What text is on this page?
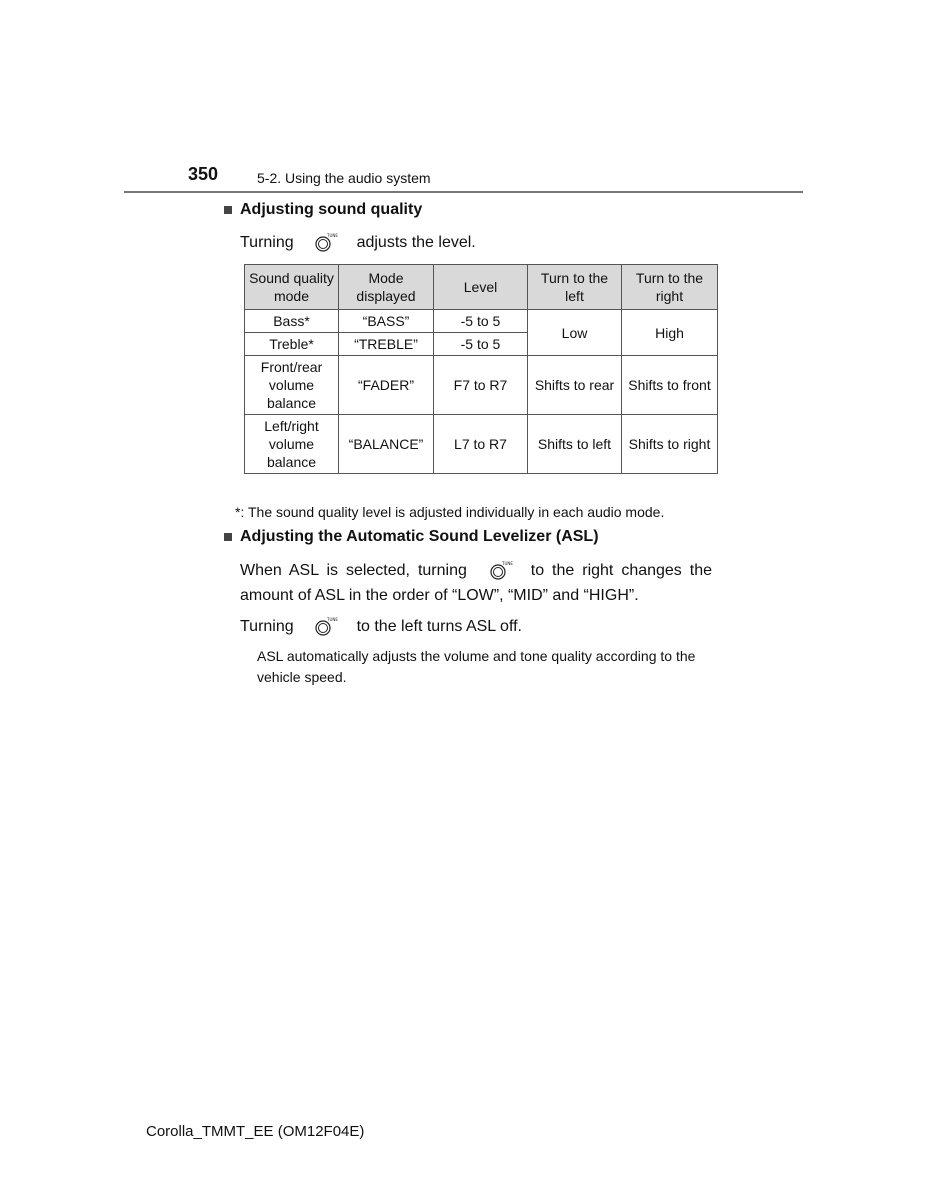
350	5-2. Using the audio system
Adjusting sound quality
Turning	TUNE adjusts the level.
Sound quality mode	Mode displayed	Level	Turn to the left	Turn to the right
Bass*	“BASS”	-5 to 5	Low	High
Treble*	“TREBLE”	-5 to 5		
Front/rear volume balance	“FADER”	F7 to R7	Shifts to rear	Shifts to front
Left/right volume balance	“BALANCE”	L7 to R7	Shifts to left	Shifts to right
*: The sound quality level is adjusted individually in each audio mode.
Adjusting the Automatic Sound Levelizer (ASL)
When ASL is selected, turning	TUNE to the right changes the amount of ASL in the order of “LOW”, “MID” and “HIGH”.
Turning	TUNE to the left turns ASL off.
ASL automatically adjusts the volume and tone quality according to the vehicle speed.
Corolla_TMMT_EE (OM12F04E)
